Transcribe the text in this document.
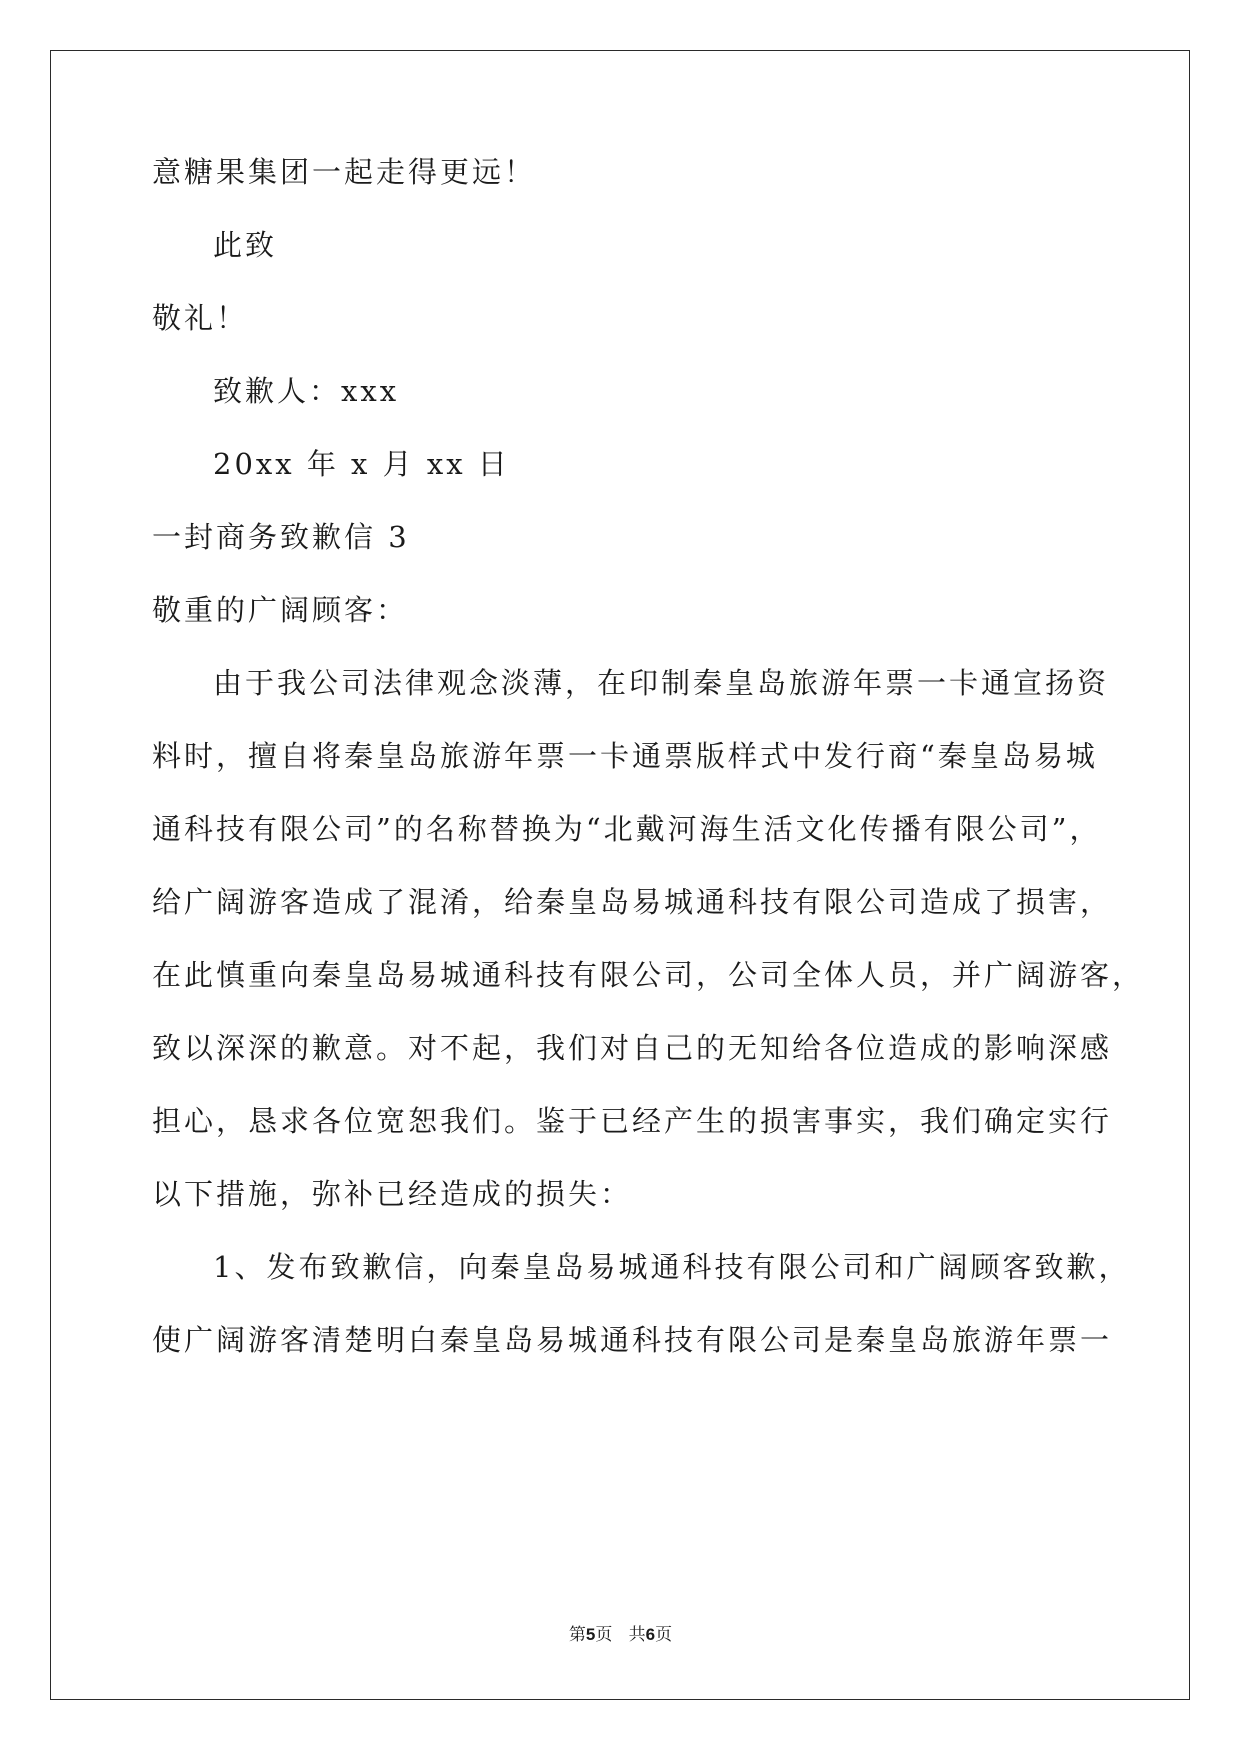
意糖果集团一起走得更远！
此致
敬礼！
致歉人：xxx
20xx 年 x 月 xx 日
一封商务致歉信 3
敬重的广阔顾客：
由于我公司法律观念淡薄，在印制秦皇岛旅游年票一卡通宣扬资
料时，擅自将秦皇岛旅游年票一卡通票版样式中发行商“秦皇岛易城
通科技有限公司”的名称替换为“北戴河海生活文化传播有限公司”，
给广阔游客造成了混淆，给秦皇岛易城通科技有限公司造成了损害，
在此慎重向秦皇岛易城通科技有限公司，公司全体人员，并广阔游客，
致以深深的歉意。对不起，我们对自己的无知给各位造成的影响深感
担心，恳求各位宽恕我们。鉴于已经产生的损害事实，我们确定实行
以下措施，弥补已经造成的损失：
1、发布致歉信，向秦皇岛易城通科技有限公司和广阔顾客致歉，
使广阔游客清楚明白秦皇岛易城通科技有限公司是秦皇岛旅游年票一
第5页 共6页
